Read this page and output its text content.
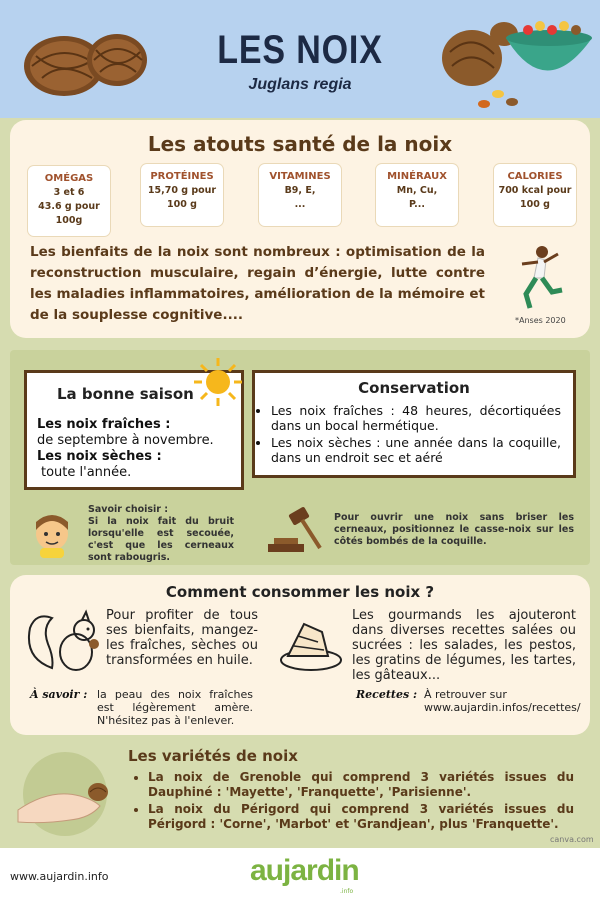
LES NOIX
Juglans regia
Les atouts santé de la noix
OMÉGAS
3 et 6
43.6 g pour
100g
PROTÉINES
15,70 g pour
100 g
VITAMINES
B9, E,
...
MINÉRAUX
Mn, Cu,
P...
CALORIES
700 kcal pour
100 g
Les bienfaits de la noix sont nombreux : optimisation de la reconstruction musculaire, regain d’énergie, lutte contre les maladies inflammatoires, amélioration de la mémoire et de la souplesse cognitive....	*Anses 2020
La bonne saison
Les noix fraîches :
de septembre à novembre.
Les noix sèches :
toute l'année.
Conservation
• Les noix fraîches : 48 heures, décortiquées dans un bocal hermétique.
• Les noix sèches : une année dans la coquille, dans un endroit sec et aéré
Savoir choisir :
Si la noix fait du bruit lorsqu'elle est secouée, c'est que les cerneaux sont rabougris.
Pour ouvrir une noix sans briser les cerneaux, positionnez le casse-noix sur les côtés bombés de la coquille.
Comment consommer les noix ?
Pour profiter de tous ses bienfaits, mangez-les fraîches, sèches ou transformées en huile.
Les gourmands les ajouteront dans diverses recettes salées ou sucrées : les salades, les pestos, les gratins de légumes, les tartes, les gâteaux...
À savoir : la peau des noix fraîches est légèrement amère. N'hésitez pas à l'enlever.
Recettes : À retrouver sur
www.aujardin.infos/recettes/
Les variétés de noix
• La noix de Grenoble qui comprend 3 variétés issues du Dauphiné : 'Mayette', 'Franquette', 'Parisienne'.
• La noix du Périgord qui comprend 3 variétés issues du Périgord : 'Corne', 'Marbot' et 'Grandjean', plus 'Franquette'.
canva.com
www.aujardin.info	aujardin
.info
